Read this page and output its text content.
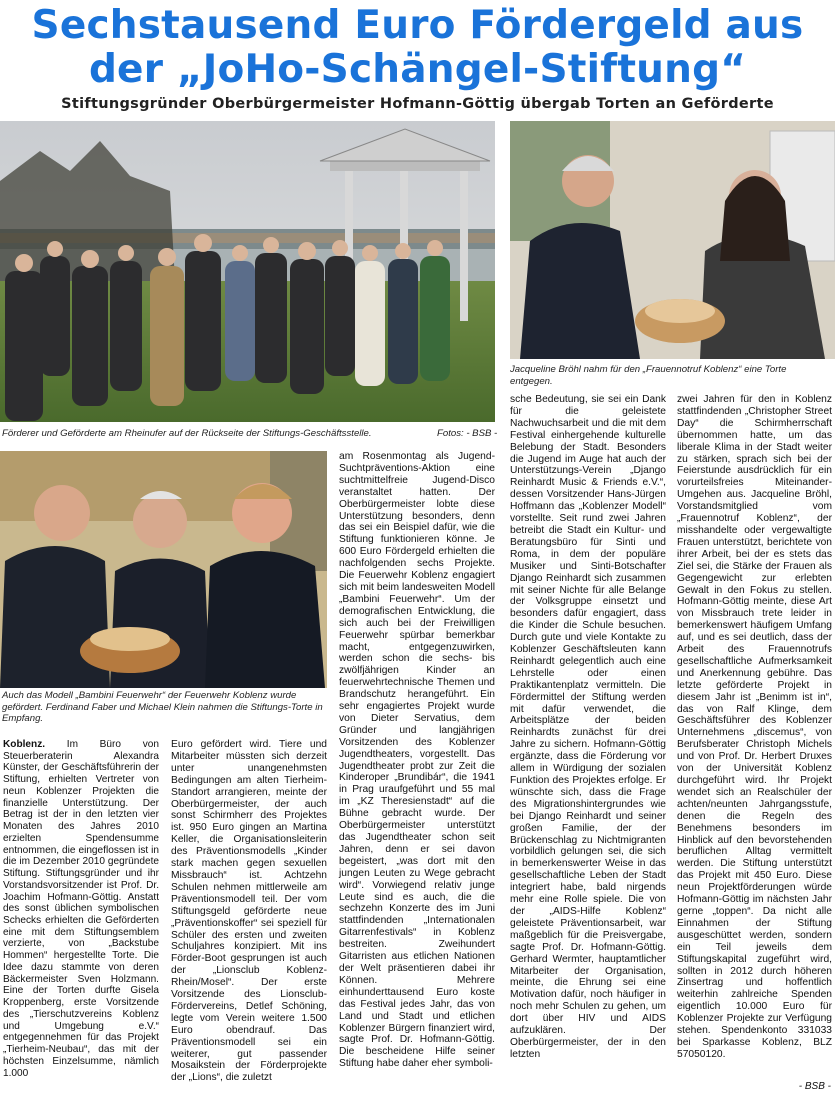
Sechstausend Euro Fördergeld aus
der „JoHo-Schängel-Stiftung“
Stiftungsgründer Oberbürgermeister Hofmann-Göttig übergab Torten an Geförderte
Förderer und Geförderte am Rheinufer auf der Rückseite der Stiftungs-Geschäftsstelle.	Fotos: - BSB -
Jacqueline Bröhl nahm für den „Frauennotruf Koblenz“ eine Torte entgegen.
Auch das Modell „Bambini Feuerwehr“ der Feuerwehr Koblenz wurde gefördert. Ferdinand Faber und Michael Klein nahmen die Stiftungs-Torte in Empfang.

Koblenz. Im Büro von Steuerberaterin Alexandra Künster, der Geschäftsführerin der Stiftung, erhielten Vertreter von neun Koblenzer Projekten die finanzielle Unterstützung. Der Betrag ist der in den letzten vier Monaten des Jahres 2010 erzielten Spendensumme entnommen, die eingeflossen ist in die im Dezember 2010 gegründete Stiftung. Stiftungsgründer und ihr Vorstandsvorsitzender ist Prof. Dr. Joachim Hofmann-Göttig. Anstatt des sonst üblichen symbolischen Schecks erhielten die Geförderten eine mit dem Stiftungsemblem verzierte, von „Backstube Hommen“ hergestellte Torte. Die Idee dazu stammte von deren Bäckermeister Sven Holzmann. Eine der Torten durfte Gisela Kroppenberg, erste Vorsitzende des „Tierschutzvereins Koblenz und Umgebung e.V.“ entgegennehmen für das Projekt „Tierheim-Neubau“, das mit der höchsten Einzelsumme, nämlich 1.000

Euro gefördert wird. Tiere und Mitarbeiter müssten sich derzeit unter unangenehmsten Bedingungen am alten Tierheim-Standort arrangieren, meinte der Oberbürgermeister, der auch sonst Schirmherr des Projektes ist. 950 Euro gingen an Martina Keller, die Organisationsleiterin des Präventionsmodells „Kinder stark machen gegen sexuellen Missbrauch“ ist. Achtzehn Schulen nehmen mittlerweile am Präventionsmodell teil. Der vom Stiftungsgeld geförderte neue „Präventionskoffer“ sei speziell für Schüler des ersten und zweiten Schuljahres konzipiert. Mit ins Förder-Boot gesprungen ist auch der „Lionsclub Koblenz-Rhein/Mosel“. Der erste Vorsitzende des Lionsclub-Fördervereins, Detlef Schöning, legte vom Verein weitere 1.500 Euro obendrauf. Das Präventionsmodell sei ein weiterer, gut passender Mosaikstein der Förderprojekte der „Lions“, die zuletzt

am Rosenmontag als Jugend-Suchtpräventions-Aktion eine suchtmittelfreie Jugend-Disco veranstaltet hatten. Der Oberbürgermeister lobte diese Unterstützung besonders, denn das sei ein Beispiel dafür, wie die Stiftung funktionieren könne. Je 600 Euro Fördergeld erhielten die nachfolgenden sechs Projekte. Die Feuerwehr Koblenz engagiert sich mit beim landesweiten Modell „Bambini Feuerwehr“. Um der demografischen Entwicklung, die sich auch bei der Freiwilligen Feuerwehr spürbar bemerkbar macht, entgegenzuwirken, werden schon die sechs- bis zwölfjährigen Kinder an feuerwehrtechnische Themen und Brandschutz herangeführt. Ein sehr engagiertes Projekt wurde von Dieter Servatius, dem Gründer und langjährigen Vorsitzenden des Koblenzer Jugendtheaters, vorgestellt. Das Jugendtheater probt zur Zeit die Kinderoper „Brundibár“, die 1941 in Prag uraufgeführt und 55 mal im „KZ Theresienstadt“ auf die Bühne gebracht wurde. Der Oberbürgermeister unterstützt das Jugendtheater schon seit Jahren, denn er sei davon begeistert, „was dort mit den jungen Leuten zu Wege gebracht wird“. Vorwiegend relativ junge Leute sind es auch, die die sechzehn Konzerte des im Juni stattfindenden „Internationalen Gitarrenfestivals“ in Koblenz bestreiten. Zweihundert Gitarristen aus etlichen Nationen der Welt präsentieren dabei ihr Können. Mehrere einhunderttausend Euro koste das Festival jedes Jahr, das von Land und Stadt und etlichen Koblenzer Bürgern finanziert wird, sagte Prof. Dr. Hofmann-Göttig. Die bescheidene Hilfe seiner Stiftung habe daher eher symboli-

sche Bedeutung, sie sei ein Dank für die geleistete Nachwuchsarbeit und die mit dem Festival einhergehende kulturelle Belebung der Stadt. Besonders die Jugend im Auge hat auch der Unterstützungs-Verein „Django Reinhardt Music & Friends e.V.“, dessen Vorsitzender Hans-Jürgen Hoffmann das „Koblenzer Modell“ vorstellte. Seit rund zwei Jahren betreibt die Stadt ein Kultur- und Beratungsbüro für Sinti und Roma, in dem der populäre Musiker und Sinti-Botschafter Django Reinhardt sich zusammen mit seiner Nichte für alle Belange der Volksgruppe einsetzt und besonders dafür engagiert, dass die Kinder die Schule besuchen. Durch gute und viele Kontakte zu Koblenzer Geschäftsleuten kann Reinhardt gelegentlich auch eine Lehrstelle oder einen Praktikantenplatz vermitteln. Die Fördermittel der Stiftung werden mit dafür verwendet, die Arbeitsplätze der beiden Reinhardts zunächst für drei Jahre zu sichern. Hofmann-Göttig ergänzte, dass die Förderung vor allem in Würdigung der sozialen Funktion des Projektes erfolge. Er wünschte sich, dass die Frage des Migrationshintergrundes wie bei Django Reinhardt und seiner großen Familie, der der Brückenschlag zu Nichtmigranten vorbildlich gelungen sei, die sich in bemerkenswerter Weise in das gesellschaftliche Leben der Stadt integriert habe, bald nirgends mehr eine Rolle spiele. Die von der „AIDS-Hilfe Koblenz“ geleistete Präventionsarbeit, war maßgeblich für die Preisvergabe, sagte Prof. Dr. Hofmann-Göttig. Gerhard Wermter, hauptamtlicher Mitarbeiter der Organisation, meinte, die Ehrung sei eine Motivation dafür, noch häufiger in noch mehr Schulen zu gehen, um dort über HIV und AIDS aufzuklären. Der Oberbürgermeister, der in den letzten

zwei Jahren für den in Koblenz stattfindenden „Christopher Street Day“ die Schirmherrschaft übernommen hatte, um das liberale Klima in der Stadt weiter zu stärken, sprach sich bei der Feierstunde ausdrücklich für ein vorurteilsfreies Miteinander-Umgehen aus. Jacqueline Bröhl, Vorstandsmitglied vom „Frauennotruf Koblenz“, der misshandelte oder vergewaltigte Frauen unterstützt, berichtete von ihrer Arbeit, bei der es stets das Ziel sei, die Stärke der Frauen als Gegengewicht zur erlebten Gewalt in den Fokus zu stellen. Hofmann-Göttig meinte, diese Art von Missbrauch trete leider in bemerkenswert häufigem Umfang auf, und es sei deutlich, dass der Arbeit des Frauennotrufs gesellschaftliche Aufmerksamkeit und Anerkennung gebühre. Das letzte geförderte Projekt in diesem Jahr ist „Benimm ist in“, das von Ralf Klinge, dem Geschäftsführer des Koblenzer Unternehmens „discemus“, von Berufsberater Christoph Michels und von Prof. Dr. Herbert Druxes von der Universität Koblenz durchgeführt wird. Ihr Projekt wendet sich an Realschüler der achten/neunten Jahrgangsstufe, denen die Regeln des Benehmens besonders im Hinblick auf den bevorstehenden beruflichen Alltag vermittelt werden. Die Stiftung unterstützt das Projekt mit 450 Euro. Diese neun Projektförderungen würde Hofmann-Göttig im nächsten Jahr gerne „toppen“. Da nicht alle Einnahmen der Stiftung ausgeschüttet werden, sondern ein Teil jeweils dem Stiftungskapital zugeführt wird, sollten in 2012 durch höheren Zinsertrag und hoffentlich weiterhin zahlreiche Spenden eigentlich 10.000 Euro für Koblenzer Projekte zur Verfügung stehen. Spendenkonto 331033 bei Sparkasse Koblenz, BLZ 57050120.

- BSB -
